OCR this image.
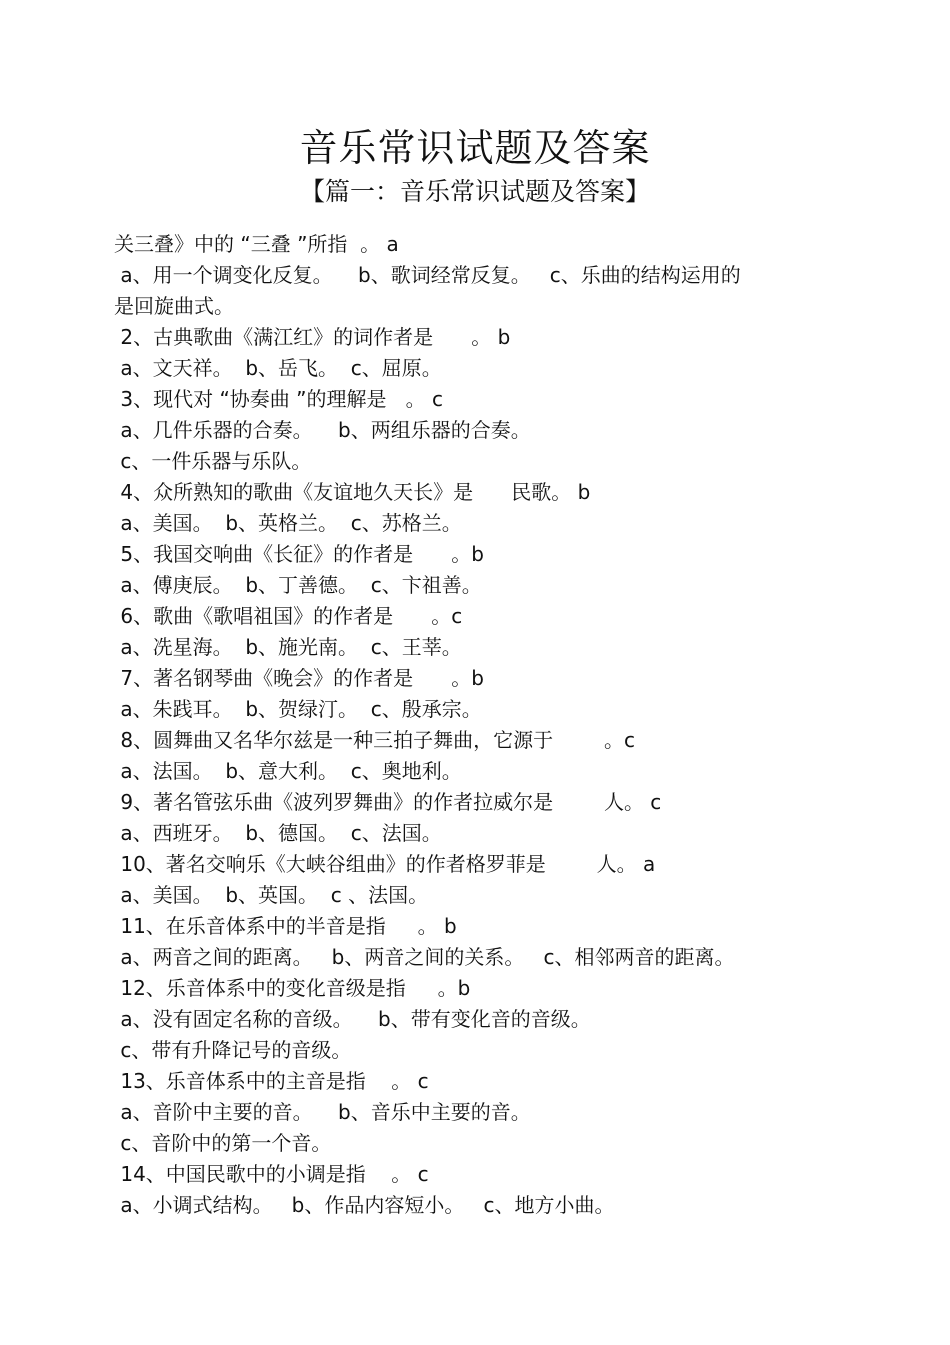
音乐常识试题及答案
【篇一：音乐常识试题及答案】
关三叠》中的 “三叠 ”所指  。 a
a、用一个调变化反复。    b、歌词经常反复。   c、乐曲的结构运用的
是回旋曲式。
2、古典歌曲《满江红》的词作者是      。 b
a、文天祥。  b、岳飞。  c、屈原。
3、现代对 “协奏曲 ”的理解是   。 c
a、几件乐器的合奏。    b、两组乐器的合奏。
c、一件乐器与乐队。
4、众所熟知的歌曲《友谊地久天长》是      民歌。 b
a、美国。  b、英格兰。  c、苏格兰。
5、我国交响曲《长征》的作者是      。b
a、傅庚辰。  b、丁善德。  c、卞祖善。
6、歌曲《歌唱祖国》的作者是      。c
a、冼星海。  b、施光南。  c、王莘。
7、著名钢琴曲《晚会》的作者是      。b
a、朱践耳。  b、贺绿汀。  c、殷承宗。
8、圆舞曲又名华尔兹是一种三拍子舞曲，它源于        。c
a、法国。  b、意大利。  c、奥地利。
9、著名管弦乐曲《波列罗舞曲》的作者拉威尔是        人。 c
a、西班牙。  b、德国。  c、法国。
10、著名交响乐《大峡谷组曲》的作者格罗菲是        人。 a
a、美国。  b、英国。  c 、法国。
11、在乐音体系中的半音是指     。 b
a、两音之间的距离。   b、两音之间的关系。   c、相邻两音的距离。
12、乐音体系中的变化音级是指     。b
a、没有固定名称的音级。    b、带有变化音的音级。
c、带有升降记号的音级。
13、乐音体系中的主音是指    。 c
a、音阶中主要的音。    b、音乐中主要的音。
c、音阶中的第一个音。
14、中国民歌中的小调是指    。 c
a、小调式结构。   b、作品内容短小。   c、地方小曲。
